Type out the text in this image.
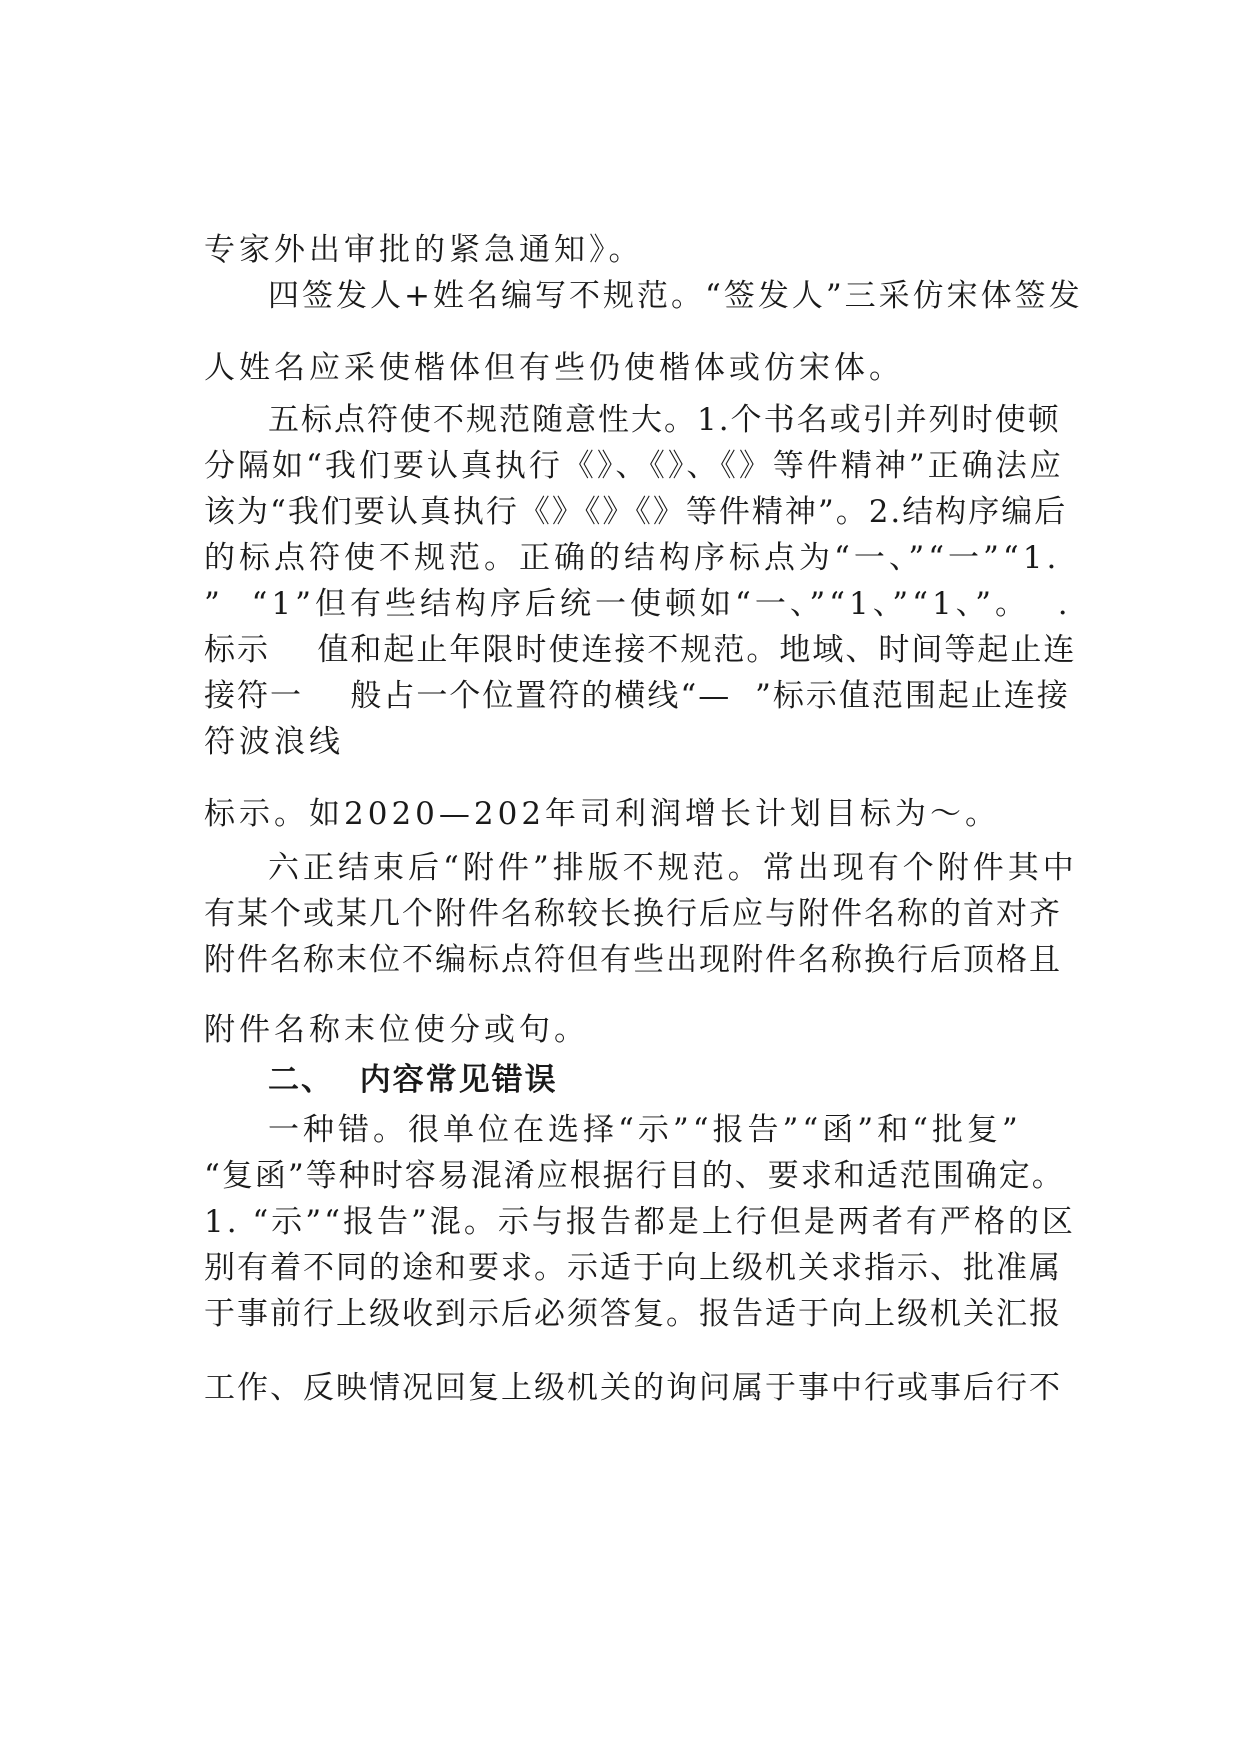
专家外出审批的紧急通知》。
四签发人+姓名编写不规范。“签发人”三采仿宋体签发
人姓名应采使楷体但有些仍使楷体或仿宋体。
五标点符使不规范随意性大。1.个书名或引并列时使顿
分隔如“我们要认真执行《》、《》、《》等件精神”正确法应
该为“我们要认真执行《》《》《》等件精神”。2.结构序编后
的标点符使不规范。正确的结构序标点为“一、”“一”“1.
”  “1”但有些结构序后统一使顿如“一、”“1、”“1、”。  .
标示    值和起止年限时使连接不规范。地域、时间等起止连
接符一    般占一个位置符的横线“—  ”标示值范围起止连接
符波浪线
标示。如2020—202年司利润增长计划目标为～。
六正结束后“附件”排版不规范。常出现有个附件其中
有某个或某几个附件名称较长换行后应与附件名称的首对齐
附件名称末位不编标点符但有些出现附件名称换行后顶格且
附件名称末位使分或句。
二、  内容常见错误
一种错。很单位在选择“示”“报告”“函”和“批复”
“复函”等种时容易混淆应根据行目的、要求和适范围确定。
1. “示”“报告”混。示与报告都是上行但是两者有严格的区
别有着不同的途和要求。示适于向上级机关求指示、批准属
于事前行上级收到示后必须答复。报告适于向上级机关汇报
工作、反映情况回复上级机关的询问属于事中行或事后行不
